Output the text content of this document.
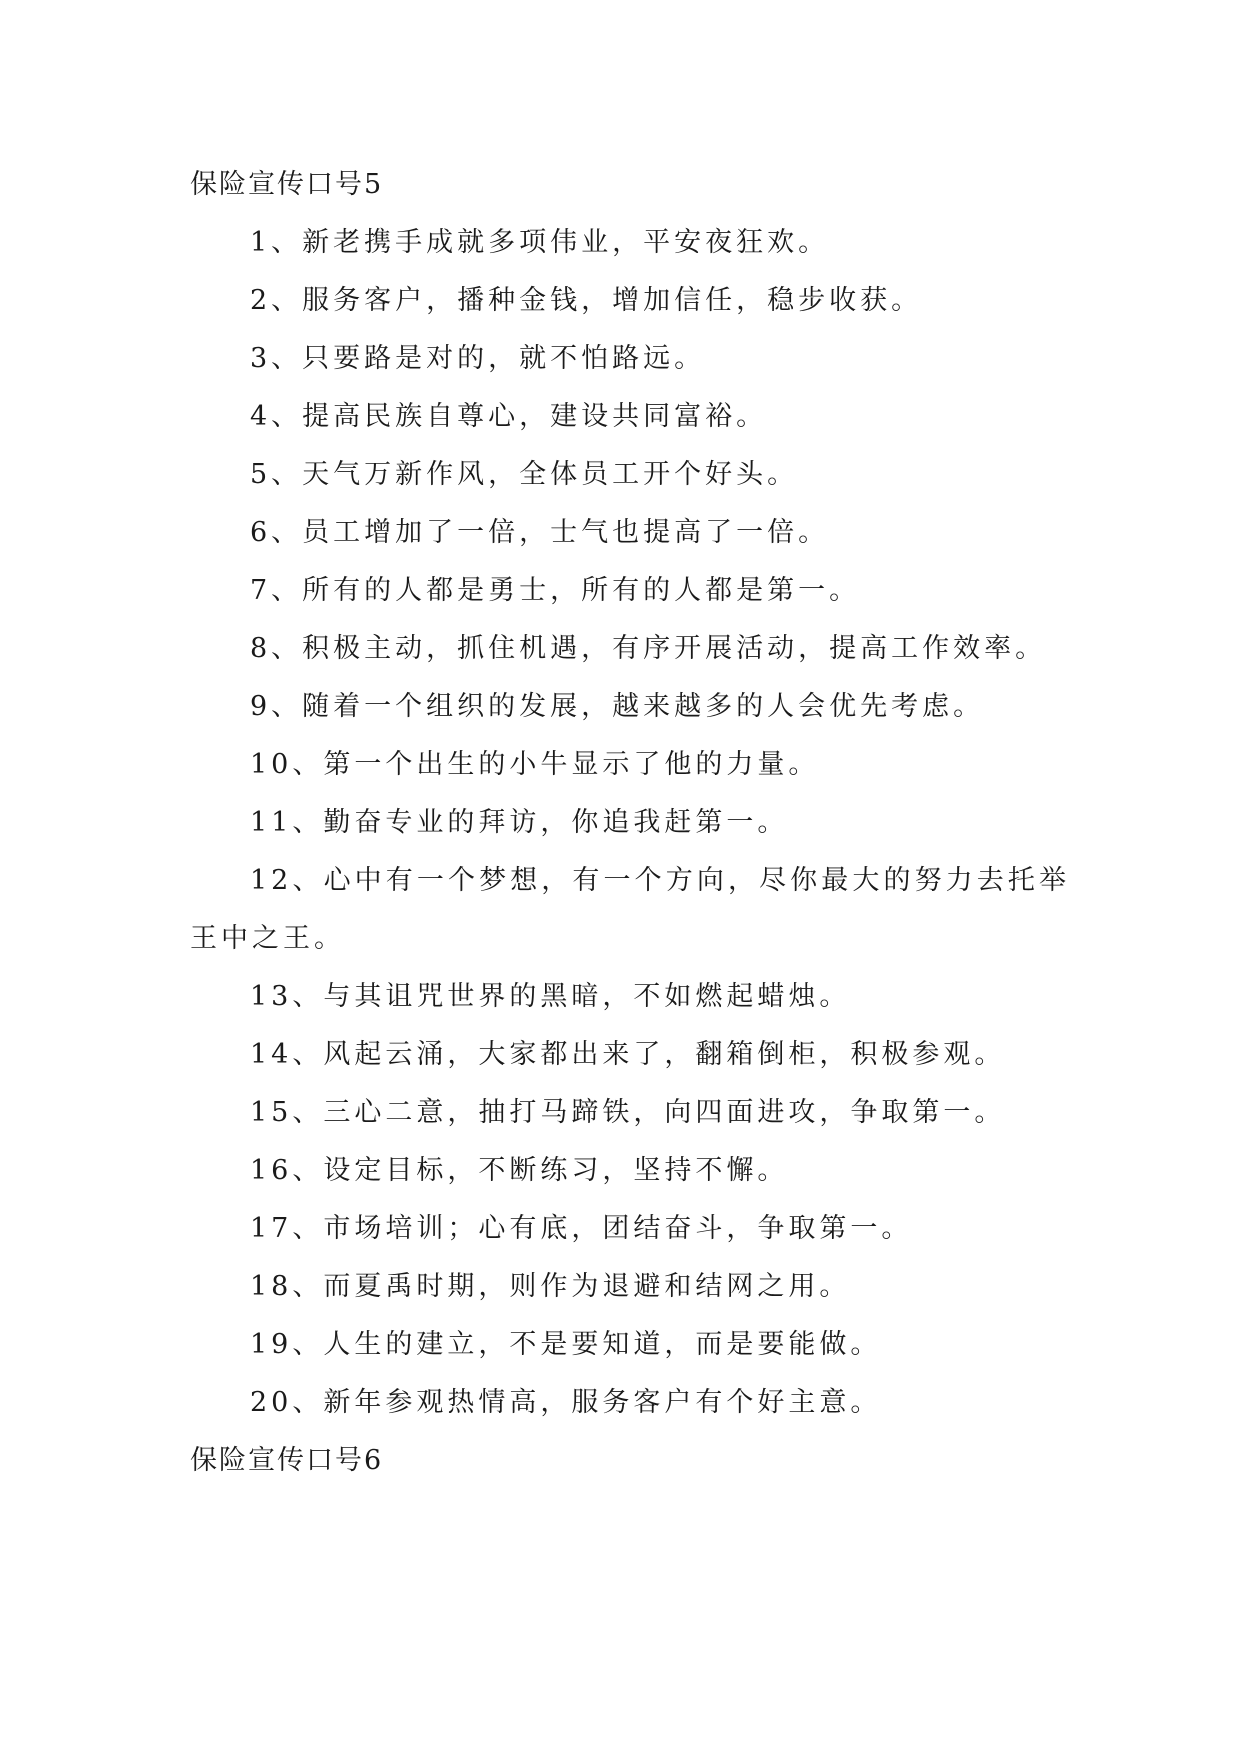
保险宣传口号5

1、新老携手成就多项伟业，平安夜狂欢。

2、服务客户，播种金钱，增加信任，稳步收获。

3、只要路是对的，就不怕路远。

4、提高民族自尊心，建设共同富裕。

5、天气万新作风，全体员工开个好头。

6、员工增加了一倍，士气也提高了一倍。

7、所有的人都是勇士，所有的人都是第一。

8、积极主动，抓住机遇，有序开展活动，提高工作效率。

9、随着一个组织的发展，越来越多的人会优先考虑。

10、第一个出生的小牛显示了他的力量。

11、勤奋专业的拜访，你追我赶第一。

12、心中有一个梦想，有一个方向，尽你最大的努力去托举王中之王。

13、与其诅咒世界的黑暗，不如燃起蜡烛。

14、风起云涌，大家都出来了，翻箱倒柜，积极参观。

15、三心二意，抽打马蹄铁，向四面进攻，争取第一。

16、设定目标，不断练习，坚持不懈。

17、市场培训；心有底，团结奋斗，争取第一。

18、而夏禹时期，则作为退避和结网之用。

19、人生的建立，不是要知道，而是要能做。

20、新年参观热情高，服务客户有个好主意。

保险宣传口号6
